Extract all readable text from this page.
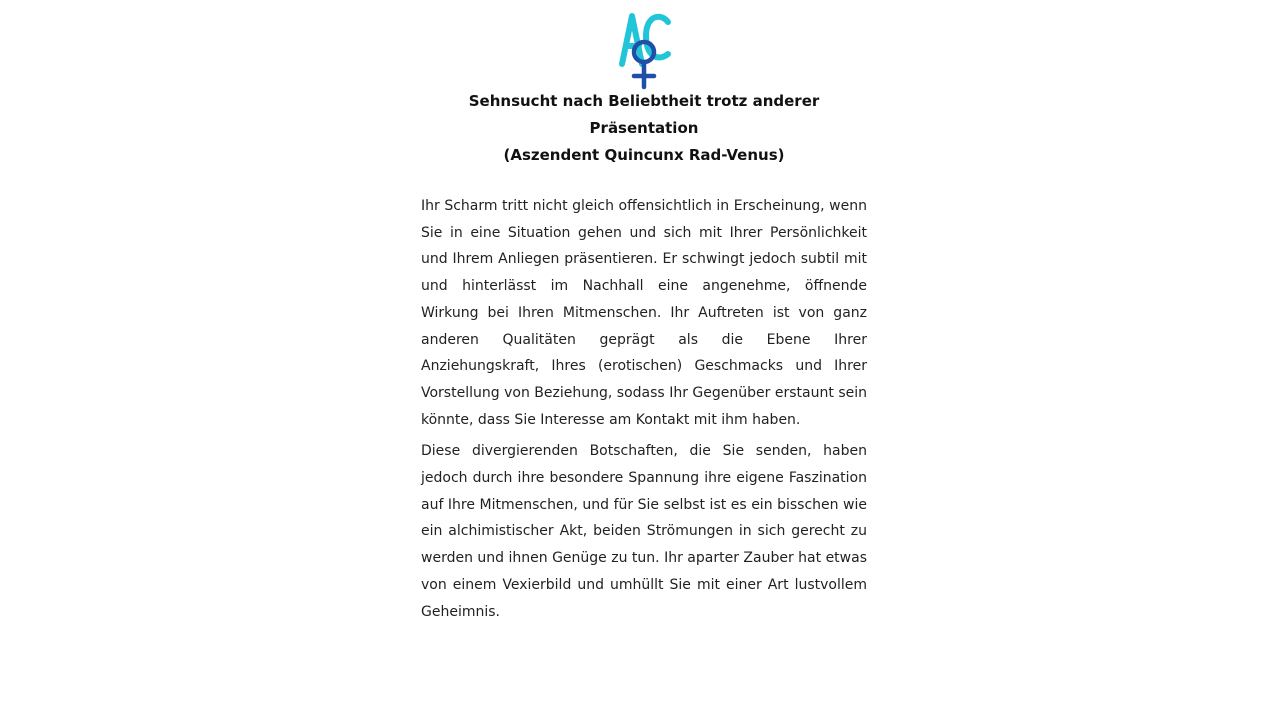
Sehnsucht nach Beliebtheit trotz anderer
Präsentation
(Aszendent Quincunx Rad-Venus)

Ihr Scharm tritt nicht gleich offensichtlich in Erscheinung, wenn Sie in eine Situation gehen und sich mit Ihrer Persönlichkeit und Ihrem Anliegen präsentieren. Er schwingt jedoch subtil mit und hinterlässt im Nachhall eine angenehme, öffnende Wirkung bei Ihren Mitmenschen. Ihr Auftreten ist von ganz anderen Qualitäten geprägt als die Ebene Ihrer Anziehungskraft, Ihres (erotischen) Geschmacks und Ihrer Vorstellung von Beziehung, sodass Ihr Gegenüber erstaunt sein könnte, dass Sie Interesse am Kontakt mit ihm haben.

Diese divergierenden Botschaften, die Sie senden, haben jedoch durch ihre besondere Spannung ihre eigene Faszination auf Ihre Mitmenschen, und für Sie selbst ist es ein bisschen wie ein alchimistischer Akt, beiden Strömungen in sich gerecht zu werden und ihnen Genüge zu tun. Ihr aparter Zauber hat etwas von einem Vexierbild und umhüllt Sie mit einer Art lustvollem Geheimnis.
